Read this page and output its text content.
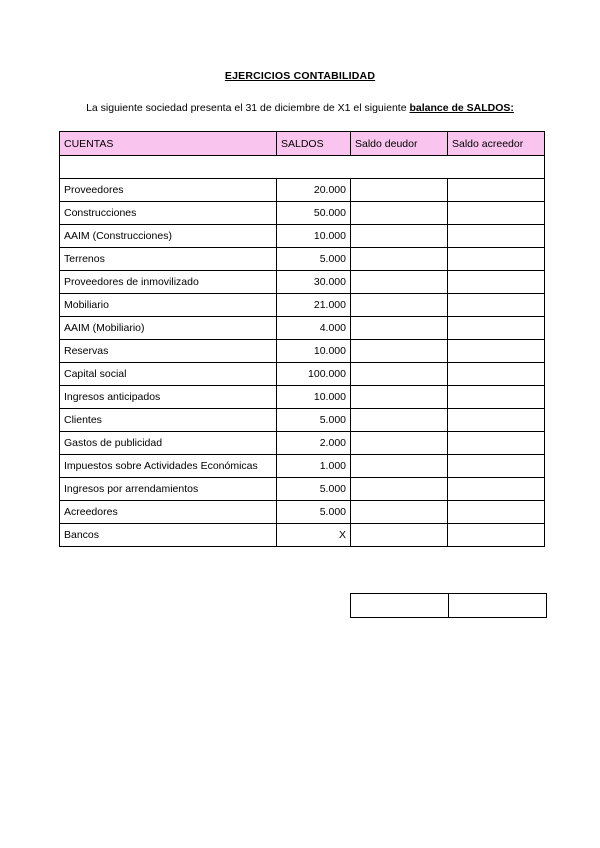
EJERCICIOS CONTABILIDAD
La siguiente sociedad presenta el 31 de diciembre de X1 el siguiente balance de SALDOS:
CUENTAS	SALDOS	Saldo deudor	Saldo acreedor

Proveedores	20.000		
Construcciones	50.000		
AAIM (Construcciones)	10.000		
Terrenos	5.000		
Proveedores de inmovilizado	30.000		
Mobiliario	21.000		
AAIM (Mobiliario)	4.000		
Reservas	10.000		
Capital social	100.000		
Ingresos anticipados	10.000		
Clientes	5.000		
Gastos de publicidad	2.000		
Impuestos sobre Actividades Económicas	1.000		
Ingresos por arrendamientos	5.000		
Acreedores	5.000		
Bancos	X		
